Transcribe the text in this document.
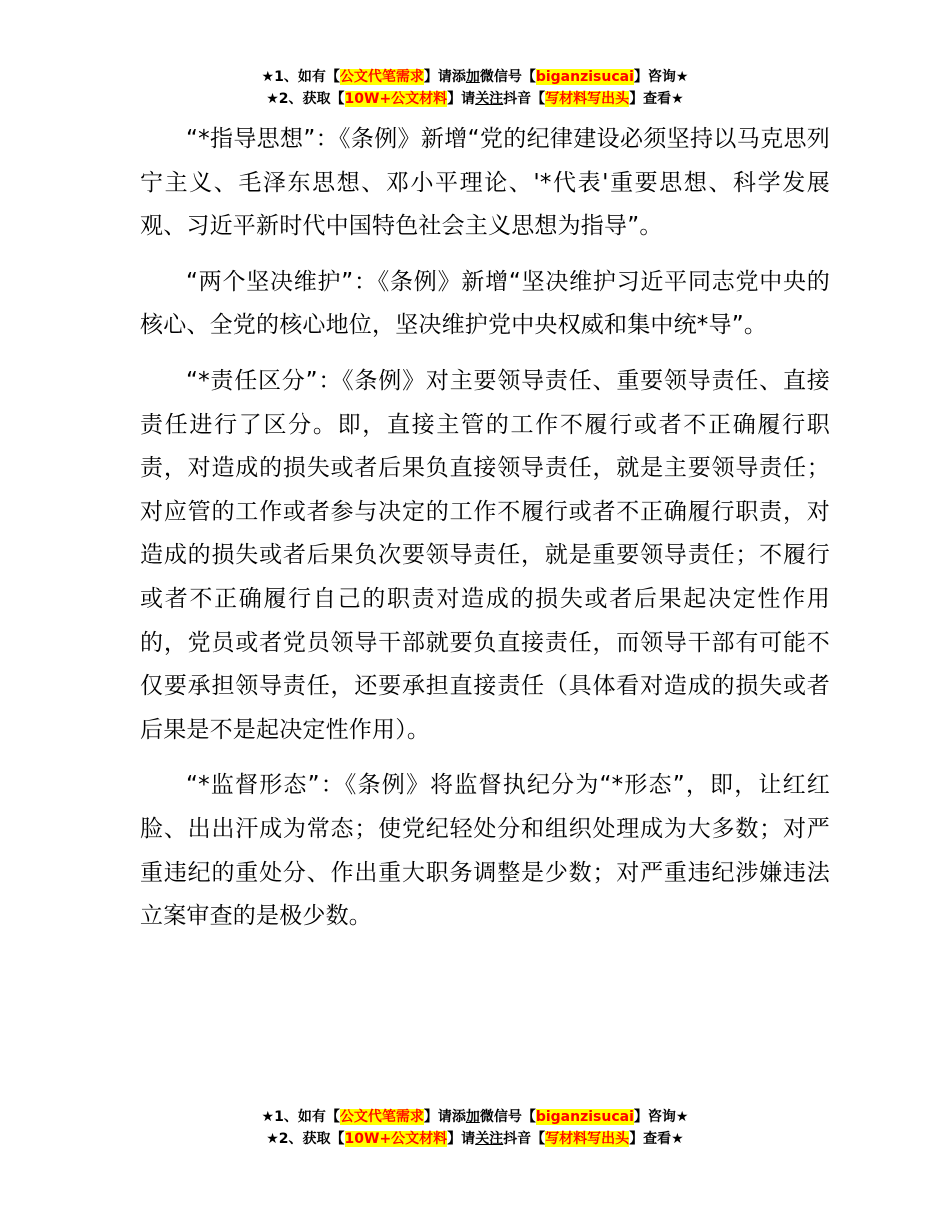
★1、如有【公文代笔需求】请添加微信号【biganzisucai】咨询★
★2、获取【10W+公文材料】请关注抖音【写材料写出头】查看★

“*指导思想”：《条例》新增“党的纪律建设必须坚持以马克思列宁主义、毛泽东思想、邓小平理论、'*代表'重要思想、科学发展观、习近平新时代中国特色社会主义思想为指导”。

“两个坚决维护”：《条例》新增“坚决维护习近平同志党中央的核心、全党的核心地位，坚决维护党中央权威和集中统*导”。

“*责任区分”：《条例》对主要领导责任、重要领导责任、直接责任进行了区分。即，直接主管的工作不履行或者不正确履行职责，对造成的损失或者后果负直接领导责任，就是主要领导责任；对应管的工作或者参与决定的工作不履行或者不正确履行职责，对造成的损失或者后果负次要领导责任，就是重要领导责任；不履行或者不正确履行自己的职责对造成的损失或者后果起决定性作用的，党员或者党员领导干部就要负直接责任，而领导干部有可能不仅要承担领导责任，还要承担直接责任（具体看对造成的损失或者后果是不是起决定性作用）。

“*监督形态”：《条例》将监督执纪分为“*形态”，即，让红红脸、出出汗成为常态；使党纪轻处分和组织处理成为大多数；对严重违纪的重处分、作出重大职务调整是少数；对严重违纪涉嫌违法立案审查的是极少数。

★1、如有【公文代笔需求】请添加微信号【biganzisucai】咨询★
★2、获取【10W+公文材料】请关注抖音【写材料写出头】查看★
